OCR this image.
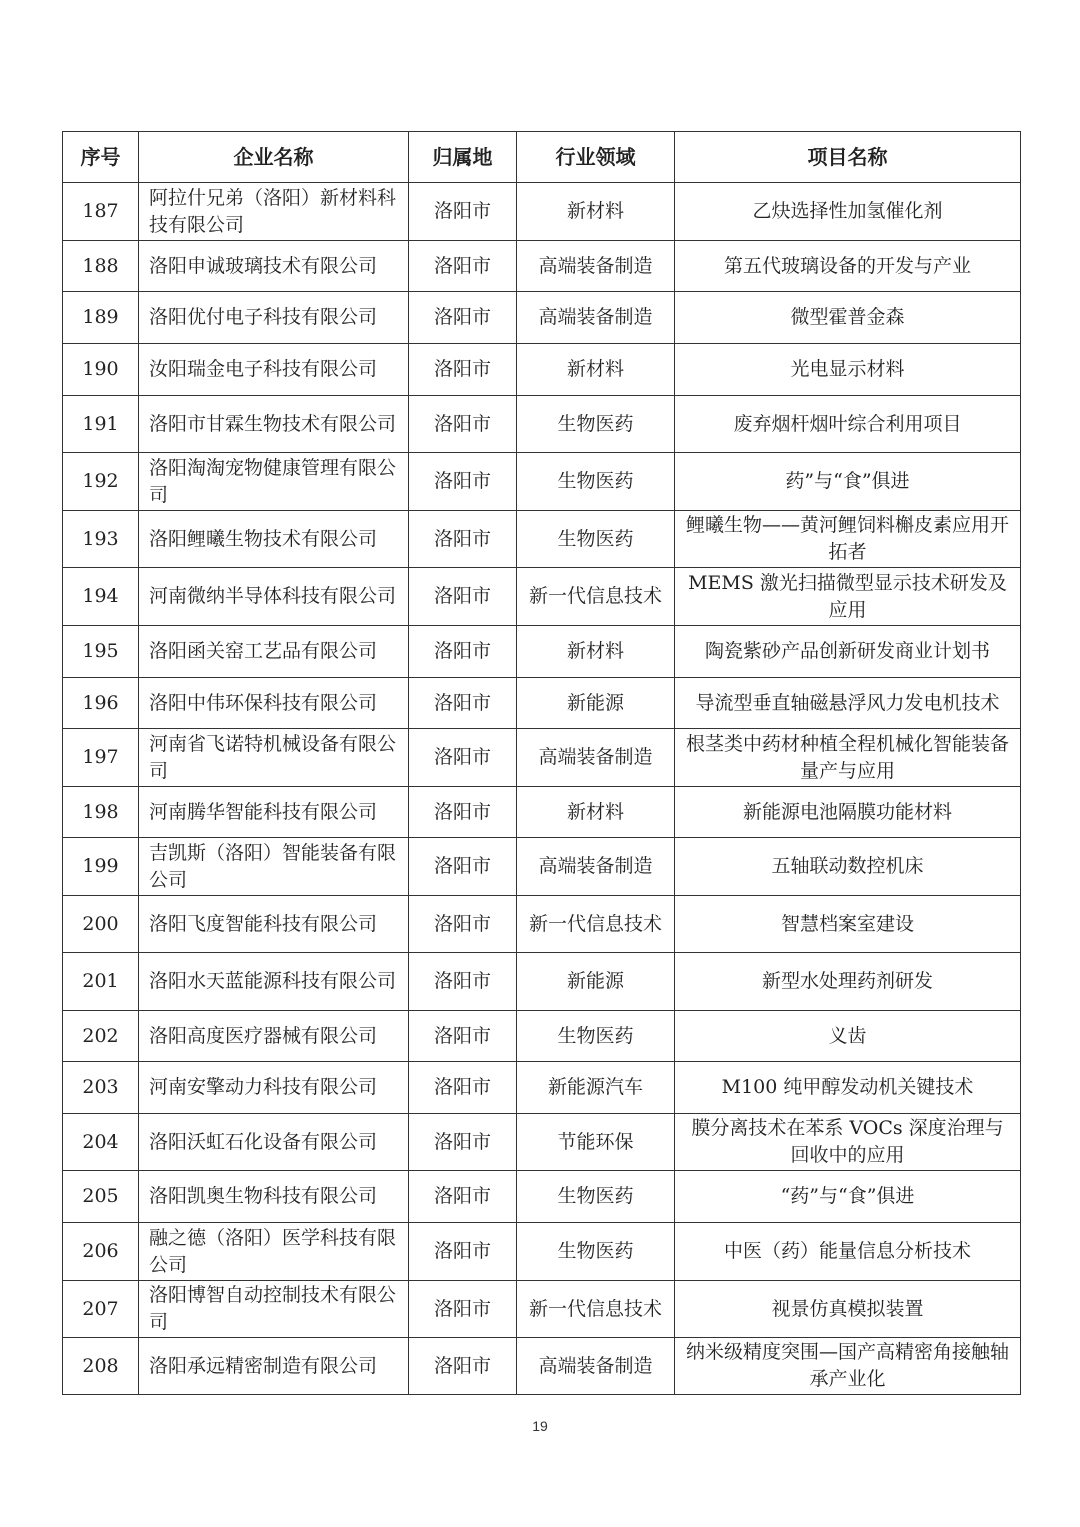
序号	企业名称	归属地	行业领域	项目名称
187	阿拉什兄弟（洛阳）新材料科技有限公司	洛阳市	新材料	乙炔选择性加氢催化剂
188	洛阳申诚玻璃技术有限公司	洛阳市	高端装备制造	第五代玻璃设备的开发与产业
189	洛阳优付电子科技有限公司	洛阳市	高端装备制造	微型霍普金森
190	汝阳瑞金电子科技有限公司	洛阳市	新材料	光电显示材料
191	洛阳市甘霖生物技术有限公司	洛阳市	生物医药	废弃烟杆烟叶综合利用项目
192	洛阳淘淘宠物健康管理有限公司	洛阳市	生物医药	药”与“食”俱进
193	洛阳鲤曦生物技术有限公司	洛阳市	生物医药	鲤曦生物——黄河鲤饲料槲皮素应用开拓者
194	河南微纳半导体科技有限公司	洛阳市	新一代信息技术	MEMS 激光扫描微型显示技术研发及应用
195	洛阳函关窑工艺品有限公司	洛阳市	新材料	陶瓷紫砂产品创新研发商业计划书
196	洛阳中伟环保科技有限公司	洛阳市	新能源	导流型垂直轴磁悬浮风力发电机技术
197	河南省飞诺特机械设备有限公司	洛阳市	高端装备制造	根茎类中药材种植全程机械化智能装备量产与应用
198	河南腾华智能科技有限公司	洛阳市	新材料	新能源电池隔膜功能材料
199	吉凯斯（洛阳）智能装备有限公司	洛阳市	高端装备制造	五轴联动数控机床
200	洛阳飞度智能科技有限公司	洛阳市	新一代信息技术	智慧档案室建设
201	洛阳水天蓝能源科技有限公司	洛阳市	新能源	新型水处理药剂研发
202	洛阳高度医疗器械有限公司	洛阳市	生物医药	义齿
203	河南安擎动力科技有限公司	洛阳市	新能源汽车	M100 纯甲醇发动机关键技术
204	洛阳沃虹石化设备有限公司	洛阳市	节能环保	膜分离技术在苯系 VOCs 深度治理与回收中的应用
205	洛阳凯奥生物科技有限公司	洛阳市	生物医药	“药”与“食”俱进
206	融之德（洛阳）医学科技有限公司	洛阳市	生物医药	中医（药）能量信息分析技术
207	洛阳博智自动控制技术有限公司	洛阳市	新一代信息技术	视景仿真模拟装置
208	洛阳承远精密制造有限公司	洛阳市	高端装备制造	纳米级精度突围—国产高精密角接触轴承产业化
19
